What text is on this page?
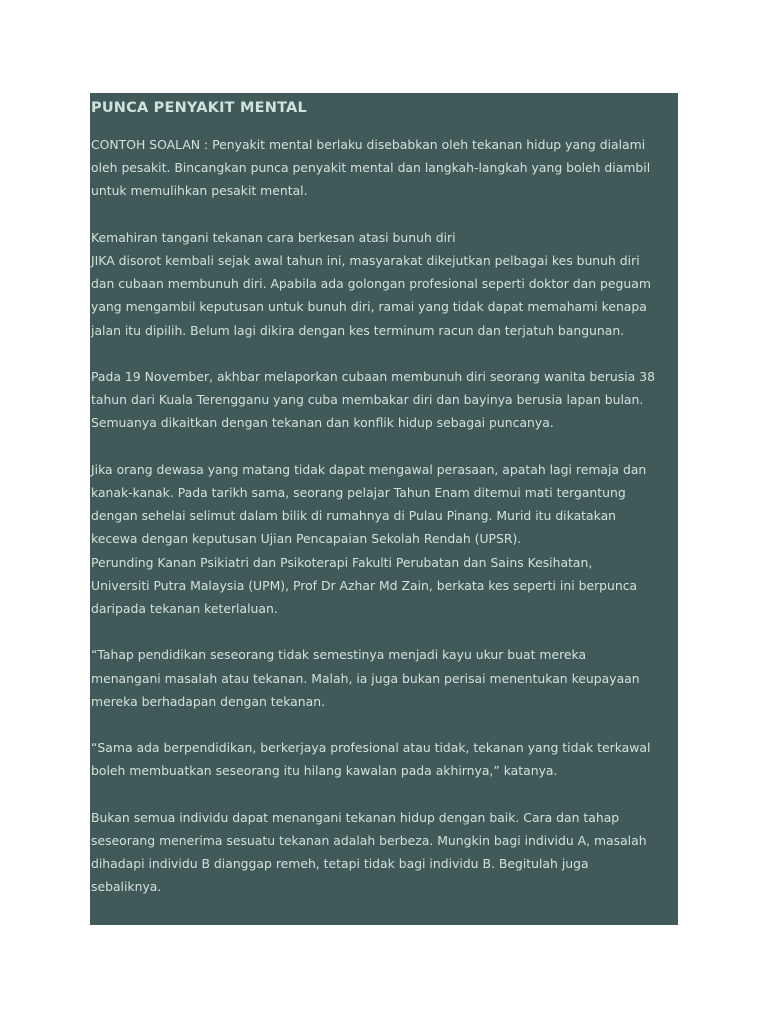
PUNCA PENYAKIT MENTAL
CONTOH SOALAN : Penyakit mental berlaku disebabkan oleh tekanan hidup yang dialami
oleh pesakit. Bincangkan punca penyakit mental dan langkah-langkah yang boleh diambil
untuk memulihkan pesakit mental.
Kemahiran tangani tekanan cara berkesan atasi bunuh diri
JIKA disorot kembali sejak awal tahun ini, masyarakat dikejutkan pelbagai kes bunuh diri
dan cubaan membunuh diri. Apabila ada golongan profesional seperti doktor dan peguam
yang mengambil keputusan untuk bunuh diri, ramai yang tidak dapat memahami kenapa
jalan itu dipilih. Belum lagi dikira dengan kes terminum racun dan terjatuh bangunan.
Pada 19 November, akhbar melaporkan cubaan membunuh diri seorang wanita berusia 38
tahun dari Kuala Terengganu yang cuba membakar diri dan bayinya berusia lapan bulan.
Semuanya dikaitkan dengan tekanan dan konflik hidup sebagai puncanya.
Jika orang dewasa yang matang tidak dapat mengawal perasaan, apatah lagi remaja dan
kanak-kanak. Pada tarikh sama, seorang pelajar Tahun Enam ditemui mati tergantung
dengan sehelai selimut dalam bilik di rumahnya di Pulau Pinang. Murid itu dikatakan
kecewa dengan keputusan Ujian Pencapaian Sekolah Rendah (UPSR).
Perunding Kanan Psikiatri dan Psikoterapi Fakulti Perubatan dan Sains Kesihatan,
Universiti Putra Malaysia (UPM), Prof Dr Azhar Md Zain, berkata kes seperti ini berpunca
daripada tekanan keterlaluan.
“Tahap pendidikan seseorang tidak semestinya menjadi kayu ukur buat mereka
menangani masalah atau tekanan. Malah, ia juga bukan perisai menentukan keupayaan
mereka berhadapan dengan tekanan.
“Sama ada berpendidikan, berkerjaya profesional atau tidak, tekanan yang tidak terkawal
boleh membuatkan seseorang itu hilang kawalan pada akhirnya,” katanya.
Bukan semua individu dapat menangani tekanan hidup dengan baik. Cara dan tahap
seseorang menerima sesuatu tekanan adalah berbeza. Mungkin bagi individu A, masalah
dihadapi individu B dianggap remeh, tetapi tidak bagi individu B. Begitulah juga
sebaliknya.
